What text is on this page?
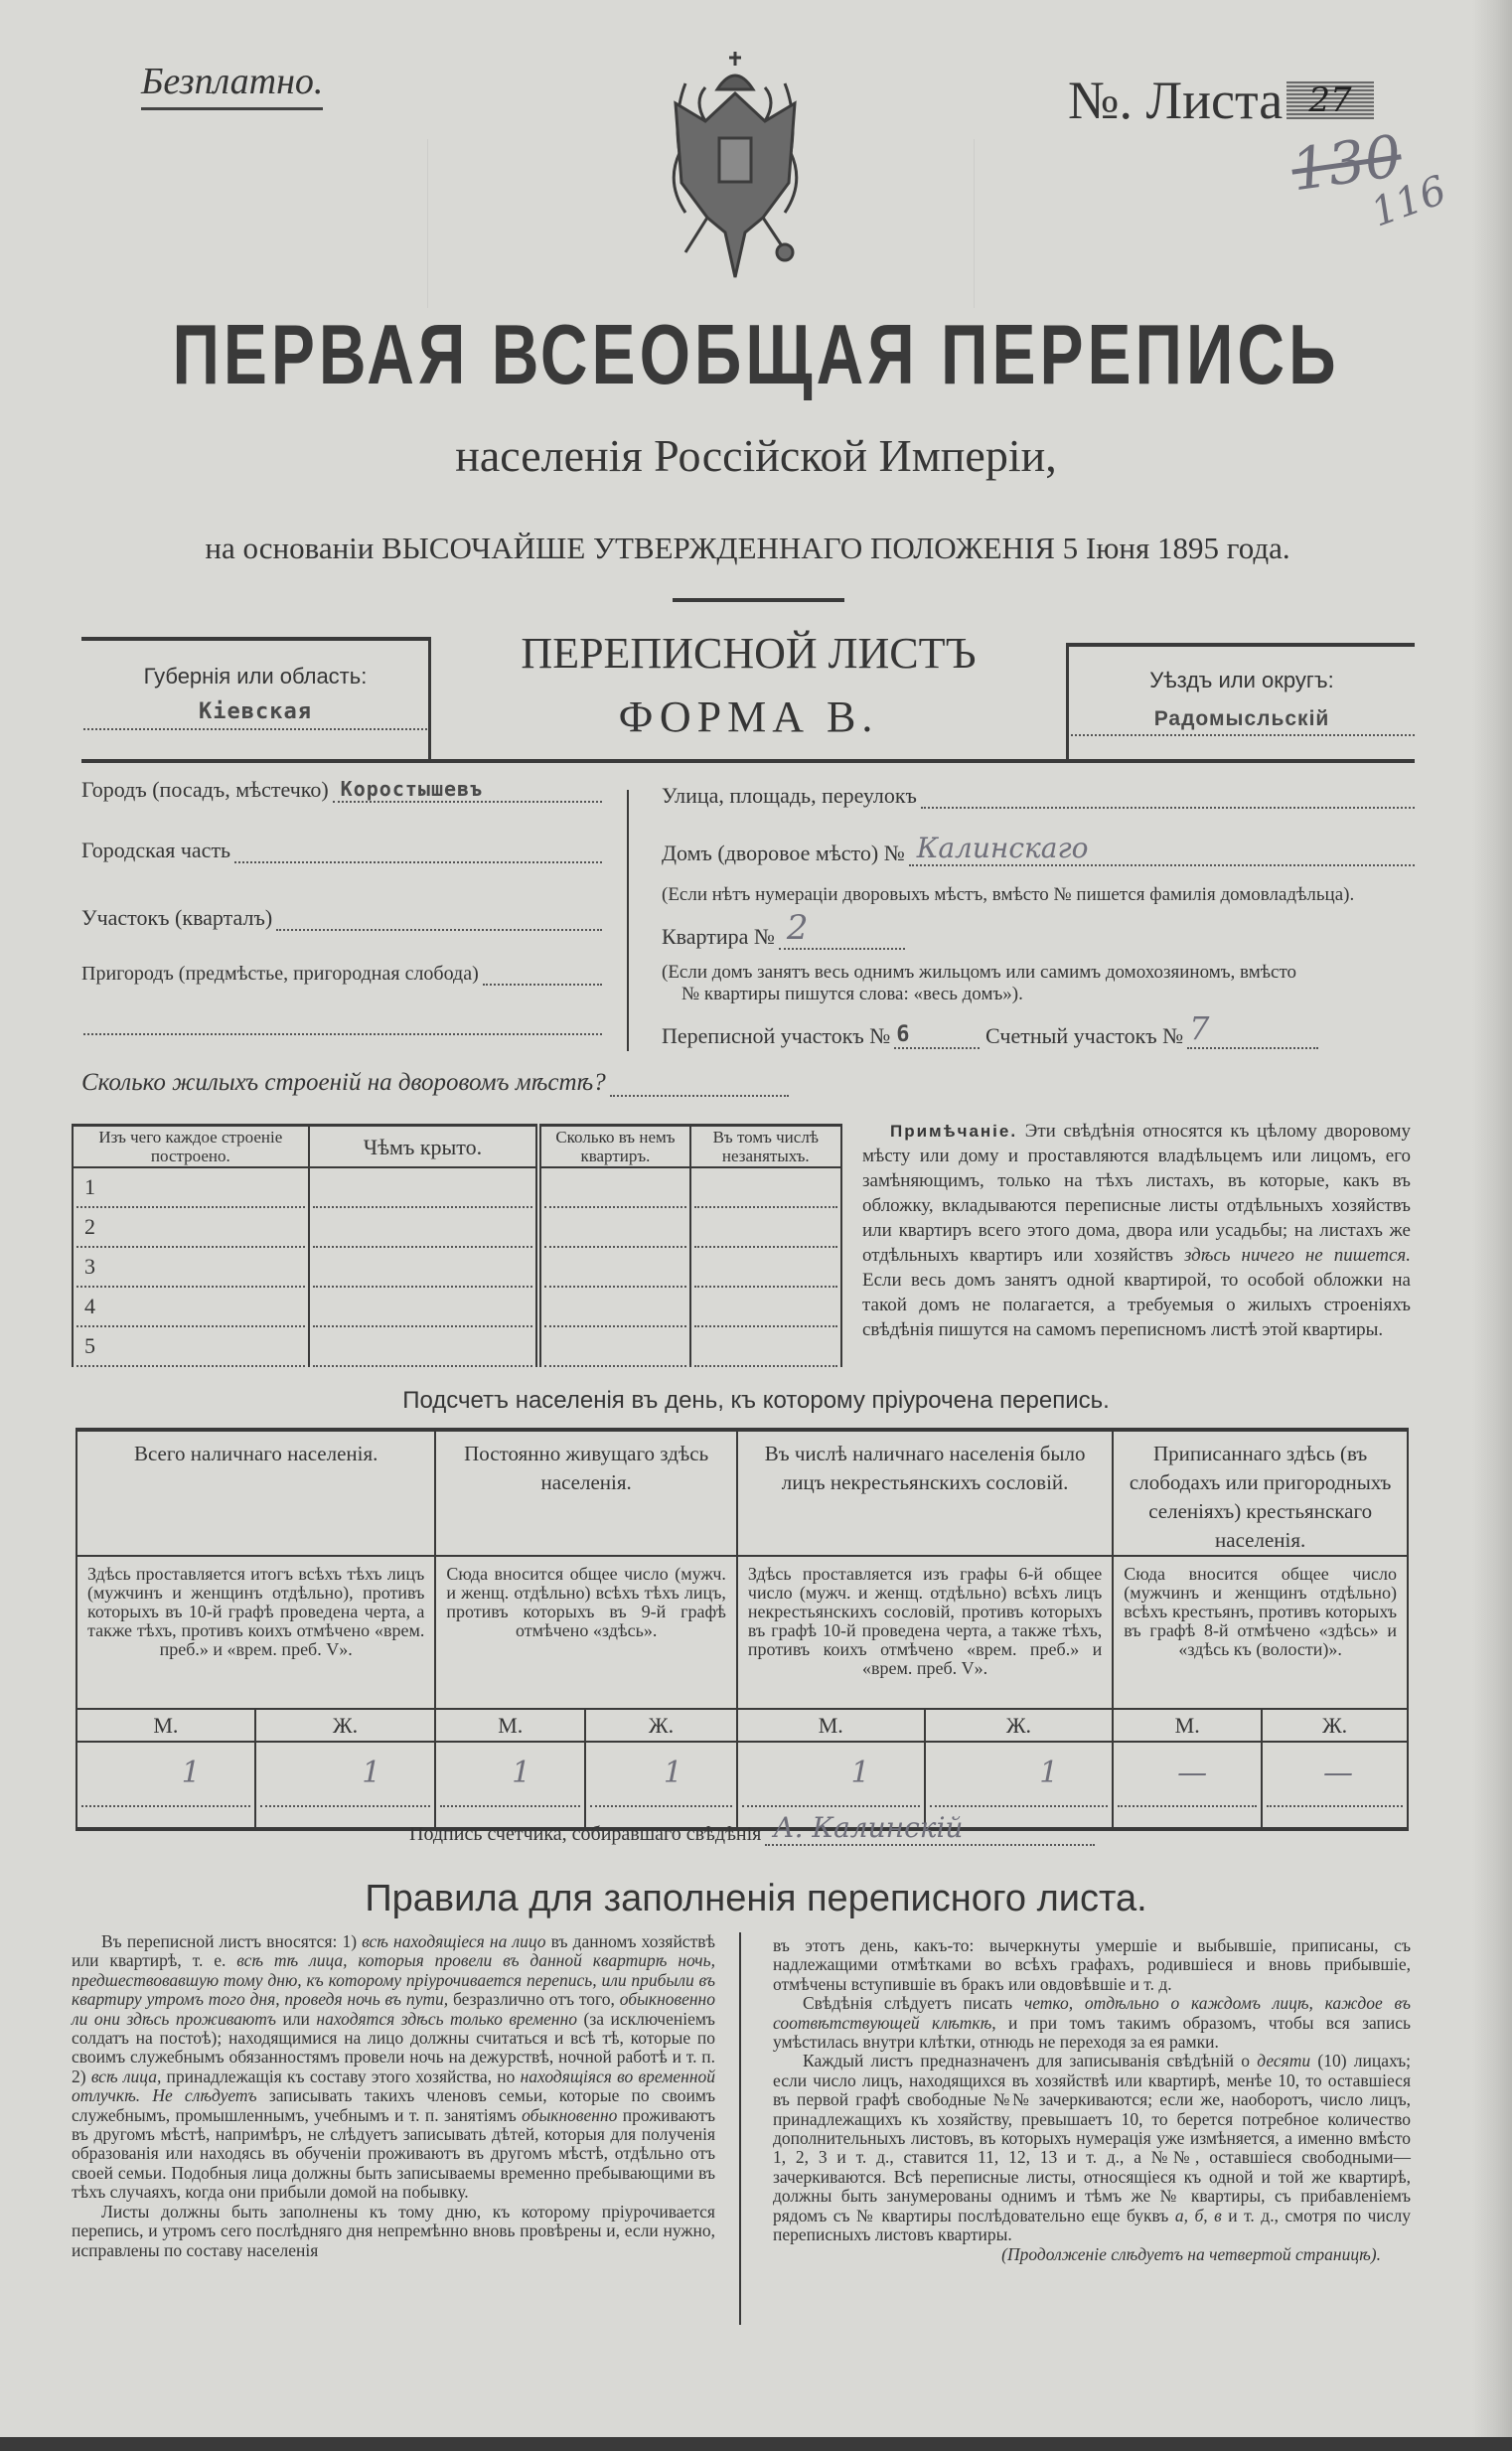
Безплатно.	№. Листа 27
130
116
ПЕРВАЯ ВСЕОБЩАЯ ПЕРЕПИСЬ
населенія Россійской Имперіи,
на основаніи ВЫСОЧАЙШЕ УТВЕРЖДЕННАГО ПОЛОЖЕНІЯ 5 Іюня 1895 года.
Губернія или область:
Кіевская
ПЕРЕПИСНОЙ ЛИСТЪ
ФОРМА В.
Уѣздъ или округъ:
Радомысльскій
Городъ (посадъ, мѣстечко) Коростышевъ
Городская часть
Участокъ (кварталъ)
Пригородъ (предмѣстье, пригородная слобода)
Улица, площадь, переулокъ
Домъ (дворовое мѣсто) № Калинскаго
(Если нѣтъ нумераціи дворовыхъ мѣстъ, вмѣсто № пишется фамилія домовладѣльца).
Квартира № 2
(Если домъ занятъ весь однимъ жильцомъ или самимъ домохозяиномъ, вмѣсто
№ квартиры пишутся слова: «весь домъ»).
Переписной участокъ № 6	Счетный участокъ № 7
Сколько жилыхъ строеній на дворовомъ мѣстѣ?
Изъ чего каждое строеніе построено.	Чѣмъ крыто.	Сколько въ немъ квартиръ.	Въ томъ числѣ незанятыхъ.

1
2
3
4
5			

Примѣчаніе. Эти свѣдѣнія относятся къ цѣлому дворовому мѣсту или дому и проставляются владѣльцемъ или лицомъ, его замѣняющимъ, только на тѣхъ листахъ, въ которые, какъ въ обложку, вкладываются переписные листы отдѣльныхъ хозяйствъ или квартиръ всего этого дома, двора или усадьбы; на листахъ же отдѣльныхъ квартиръ или хозяйствъ здѣсь ничего не пишется. Если весь домъ занятъ одной квартирой, то особой обложки на такой домъ не полагается, а требуемыя о жилыхъ строеніяхъ свѣдѣнія пишутся на самомъ переписномъ листѣ этой квартиры.
Подсчетъ населенія въ день, къ которому пріурочена перепись.
Всего наличнаго населенія.		Постоянно живущаго здѣсь населенія.		Въ числѣ наличнаго населенія было лицъ некрестьянскихъ сословій.		Приписаннаго здѣсь (въ слободахъ или пригородныхъ селеніяхъ) крестьянскаго населенія.	
Здѣсь проставляется итогъ всѣхъ тѣхъ лицъ (мужчинъ и женщинъ отдѣльно), противъ которыхъ въ 10-й графѣ проведена черта, а также тѣхъ, противъ коихъ отмѣчено «врем. преб.» и «врем. преб. V».		Сюда вносится общее число (мужч. и женщ. отдѣльно) всѣхъ тѣхъ лицъ, противъ которыхъ въ 9-й графѣ отмѣчено «здѣсь».		Здѣсь проставляется изъ графы 6-й общее число (мужч. и женщ. отдѣльно) всѣхъ лицъ некрестьянскихъ сословій, противъ которыхъ въ графѣ 10-й проведена черта, а также тѣхъ, противъ коихъ отмѣчено «врем. преб.» и «врем. преб. V».		Сюда вносится общее число (мужчинъ и женщинъ отдѣльно) всѣхъ крестьянъ, противъ которыхъ въ графѣ 8-й отмѣчено «здѣсь» и «здѣсь къ (волости)».	
М.	Ж.	М.	Ж.	М.	Ж.	М.	Ж.

1	1	1	1	1	1	—	—
Подпись счетчика, собиравшаго свѣдѣнія А. Калинскій
Правила для заполненія переписного листа.

Въ переписной листъ вносятся: 1) всѣ находящіеся на лицо въ данномъ хозяйствѣ или квартирѣ, т. е. всѣ тѣ лица, которыя провели въ данной квартирѣ ночь, предшествовавшую тому дню, къ которому пріурочивается перепись, или прибыли въ квартиру утромъ того дня, проведя ночь въ пути, безразлично отъ того, обыкновенно ли они здѣсь проживаютъ или находятся здѣсь только временно (за исключеніемъ солдатъ на постоѣ); находящимися на лицо должны считаться и всѣ тѣ, которые по своимъ служебнымъ обязанностямъ провели ночь на дежурствѣ, ночной работѣ и т. п. 2) всѣ лица, принадлежащія къ составу этого хозяйства, но находящіяся во временной отлучкѣ. Не слѣдуетъ записывать такихъ членовъ семьи, которые по своимъ служебнымъ, промышленнымъ, учебнымъ и т. п. занятіямъ обыкновенно проживаютъ въ другомъ мѣстѣ, напримѣръ, не слѣдуетъ записывать дѣтей, которыя для полученія образованія или находясь въ обученіи проживаютъ въ другомъ мѣстѣ, отдѣльно отъ своей семьи. Подобныя лица должны быть записываемы временно пребывающими въ тѣхъ случаяхъ, когда они прибыли домой на побывку.

Листы должны быть заполнены къ тому дню, къ которому пріурочивается перепись, и утромъ сего послѣдняго дня непремѣнно вновь провѣрены и, если нужно, исправлены по составу населенія

въ этотъ день, какъ-то: вычеркнуты умершіе и выбывшіе, приписаны, съ надлежащими отмѣтками во всѣхъ графахъ, родившіеся и вновь прибывшіе, отмѣчены вступившіе въ бракъ или овдовѣвшіе и т. д.

Свѣдѣнія слѣдуетъ писать четко, отдѣльно о каждомъ лицѣ, каждое въ соотвѣтствующей клѣткѣ, и при томъ такимъ образомъ, чтобы вся запись умѣстилась внутри клѣтки, отнюдь не переходя за ея рамки.

Каждый листъ предназначенъ для записыванія свѣдѣній о десяти (10) лицахъ; если число лицъ, находящихся въ хозяйствѣ или квартирѣ, менѣе 10, то оставшіеся въ первой графѣ свободные №№ зачеркиваются; если же, наоборотъ, число лицъ, принадлежащихъ къ хозяйству, превышаетъ 10, то берется потребное количество дополнительныхъ листовъ, въ которыхъ нумерація уже измѣняется, а именно вмѣсто 1, 2, 3 и т. д., ставится 11, 12, 13 и т. д., а №№, оставшіеся свободными—зачеркиваются. Всѣ переписные листы, относящіеся къ одной и той же квартирѣ, должны быть занумерованы однимъ и тѣмъ же № квартиры, съ прибавленіемъ рядомъ съ № квартиры послѣдовательно еще буквъ а, б, в и т. д., смотря по числу переписныхъ листовъ квартиры.

(Продолженіе слѣдуетъ на четвертой страницѣ).
